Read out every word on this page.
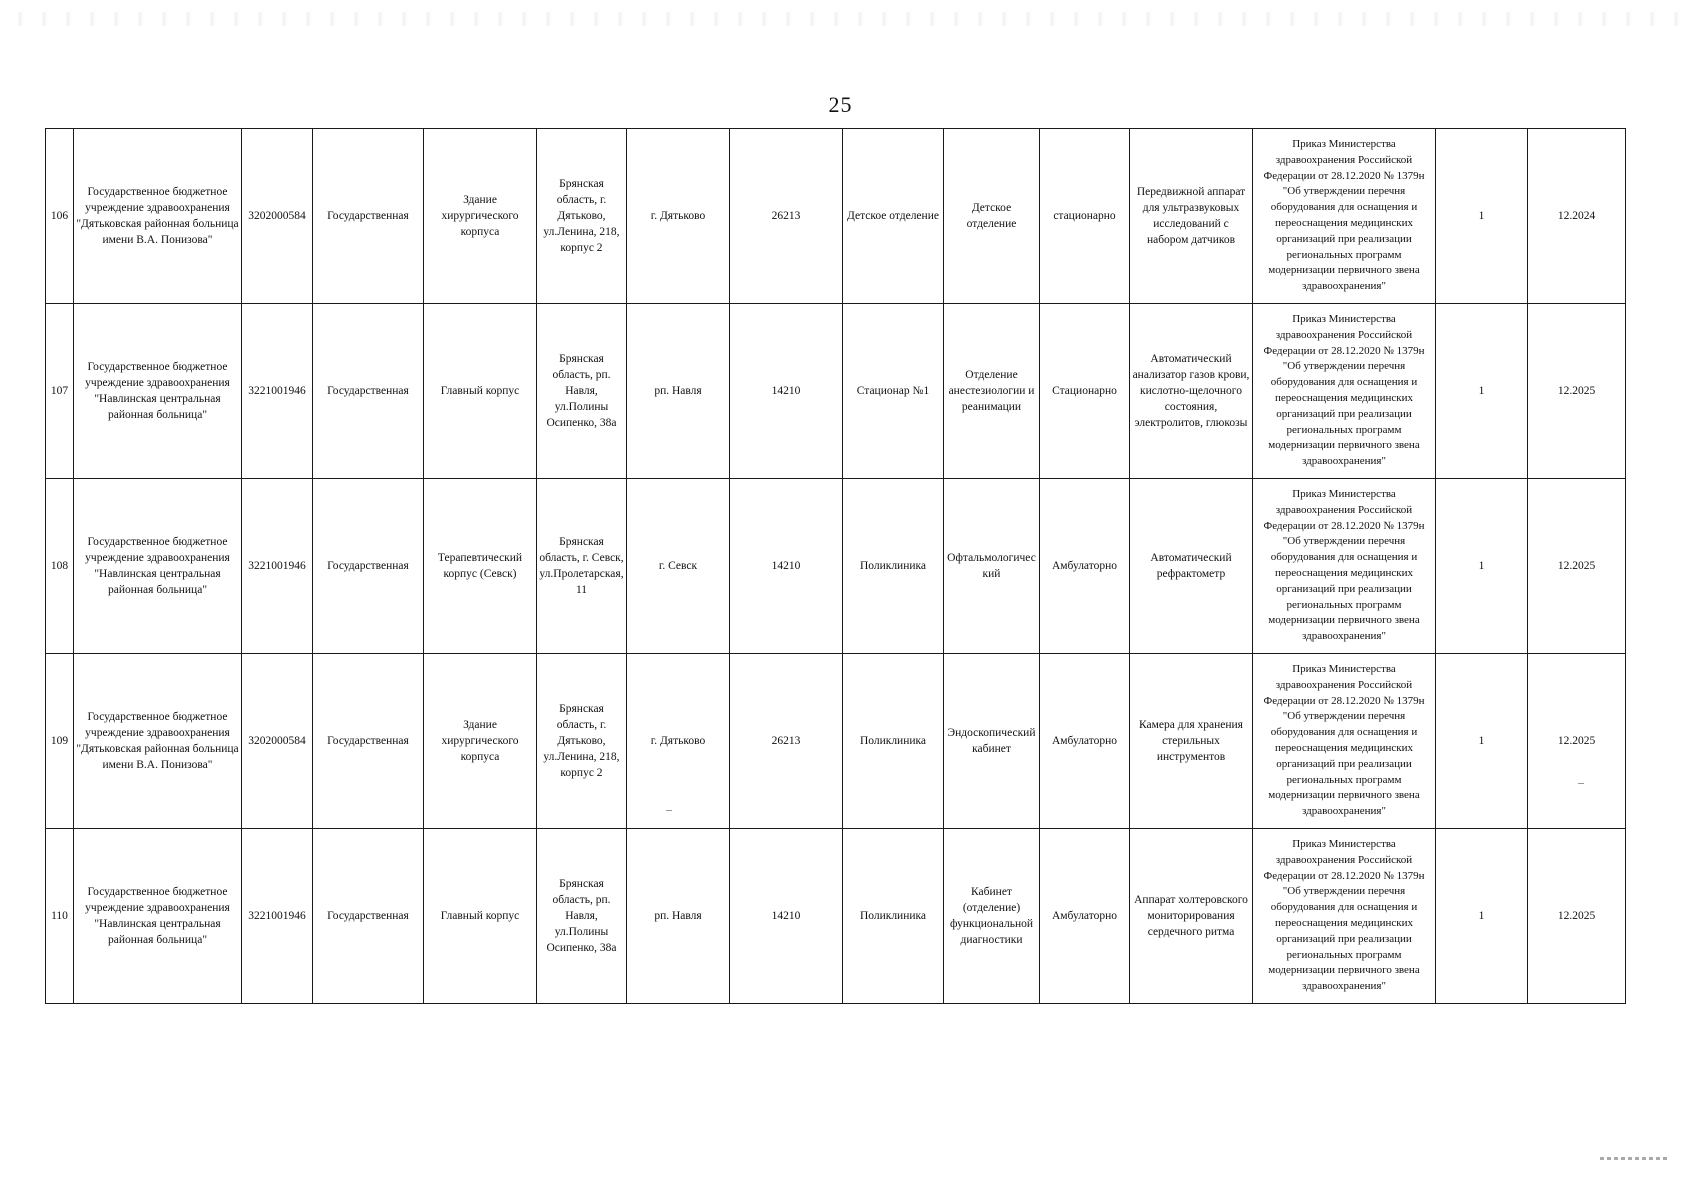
25
106	Государственное бюджетное учреждение здравоохранения "Дятьковская районная больница имени В.А. Понизова"	3202000584	Государственная	Здание хирургического корпуса	Брянская область, г. Дятьково, ул.Ленина, 218, корпус 2	г. Дятьково	26213	Детское отделение	Детское отделение	стационарно	Передвижной аппарат для ультразвуковых исследований с набором датчиков	Приказ Министерства здравоохранения Российской Федерации от 28.12.2020 № 1379н "Об утверждении перечня оборудования для оснащения и переоснащения медицинских организаций при реализации региональных программ модернизации первичного звена здравоохранения"	1	12.2024
107	Государственное бюджетное учреждение здравоохранения "Навлинская центральная районная больница"	3221001946	Государственная	Главный корпус	Брянская область, рп. Навля, ул.Полины Осипенко, 38а	рп. Навля	14210	Стационар №1	Отделение анестезиологии и реанимации	Стационарно	Автоматический анализатор газов крови, кислотно-щелочного состояния, электролитов, глюкозы	Приказ Министерства здравоохранения Российской Федерации от 28.12.2020 № 1379н "Об утверждении перечня оборудования для оснащения и переоснащения медицинских организаций при реализации региональных программ модернизации первичного звена здравоохранения"	1	12.2025
108	Государственное бюджетное учреждение здравоохранения "Навлинская центральная районная больница"	3221001946	Государственная	Терапевтический корпус (Севск)	Брянская область, г. Севск, ул.Пролетарская, 11	г. Севск	14210	Поликлиника	Офтальмологический	Амбулаторно	Автоматический рефрактометр	Приказ Министерства здравоохранения Российской Федерации от 28.12.2020 № 1379н "Об утверждении перечня оборудования для оснащения и переоснащения медицинских организаций при реализации региональных программ модернизации первичного звена здравоохранения"	1	12.2025
109	Государственное бюджетное учреждение здравоохранения "Дятьковская районная больница имени В.А. Понизова"	3202000584	Государственная	Здание хирургического корпуса	Брянская область, г. Дятьково, ул.Ленина, 218, корпус 2	г. Дятьково	26213	Поликлиника	Эндоскопический кабинет	Амбулаторно	Камера для хранения стерильных инструментов	Приказ Министерства здравоохранения Российской Федерации от 28.12.2020 № 1379н "Об утверждении перечня оборудования для оснащения и переоснащения медицинских организаций при реализации региональных программ модернизации первичного звена здравоохранения"	1	12.2025
110	Государственное бюджетное учреждение здравоохранения "Навлинская центральная районная больница"	3221001946	Государственная	Главный корпус	Брянская область, рп. Навля, ул.Полины Осипенко, 38а	рп. Навля	14210	Поликлиника	Кабинет (отделение) функциональной диагностики	Амбулаторно	Аппарат холтеровского мониторирования сердечного ритма	Приказ Министерства здравоохранения Российской Федерации от 28.12.2020 № 1379н "Об утверждении перечня оборудования для оснащения и переоснащения медицинских организаций при реализации региональных программ модернизации первичного звена здравоохранения"	1	12.2025
